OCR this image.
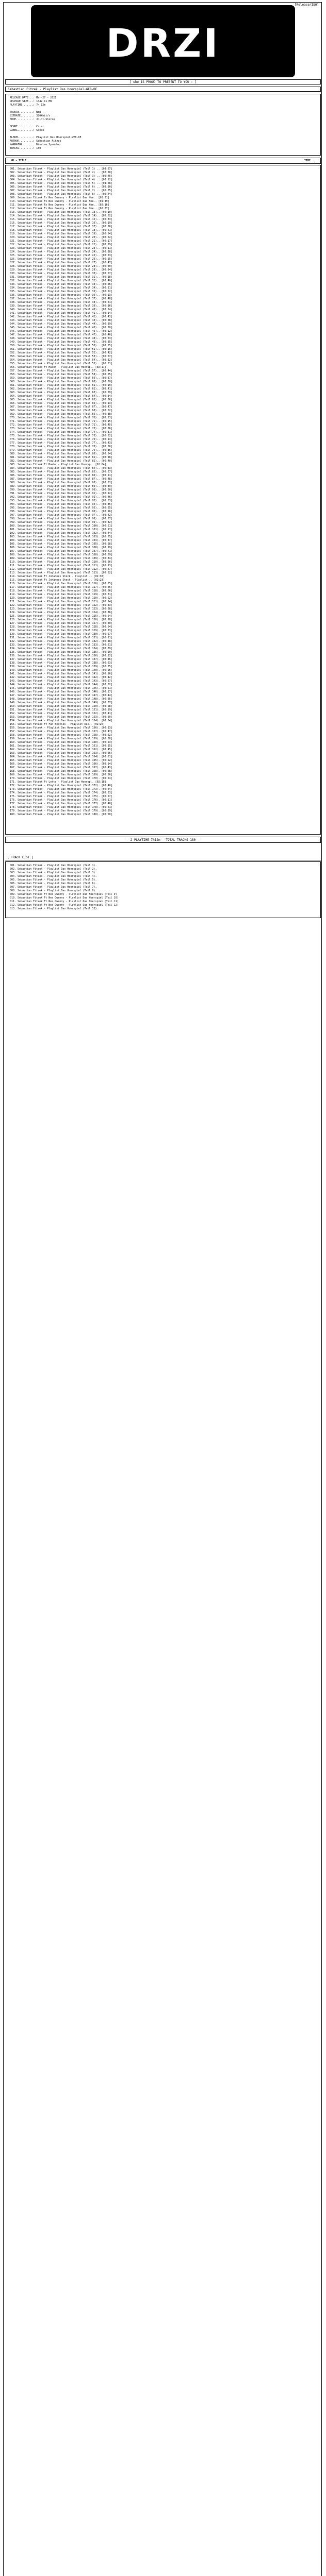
[Release/ISO]
DRZI
[ who IS PROUD TO PRESENT TO YOU : ]
Sebastian Fitzek - Playlist Das Hoerspiel-WEB-DE
RELEASE DATE...: Mar-27 - 2021
RELEASE SIZE...: 1042.11 MB
PLAYTIME.......: 7h 12m
SOURCE.........: WEB
BITRATE........: 320kbit/s
MODE...........: Joint-Stereo
GENRE..........: Crimi
LABEL..........: Speak
ALBUM..........: Playlist Das Hoerspiel-WEB-DE
AUTHOR.........: Sebastian Fitzek
NARRATOR.......: Diverse Sprecher
TRACKS.........: 180
NR - TITLE ...	TIME ..
001. Sebastian Fitzek - Playlist Das Hoerspiel (Teil 1) .. [03:07]
002. Sebastian Fitzek - Playlist Das Hoerspiel (Teil 2) .. [02:28]
003. Sebastian Fitzek - Playlist Das Hoerspiel (Teil 3) .. [02:45]
004. Sebastian Fitzek - Playlist Das Hoerspiel (Teil 4) .. [02:12]
005. Sebastian Fitzek - Playlist Das Hoerspiel (Teil 5) .. [01:58]
006. Sebastian Fitzek - Playlist Das Hoerspiel (Teil 6) .. [02:30]
007. Sebastian Fitzek - Playlist Das Hoerspiel (Teil 7) .. [02:05]
008. Sebastian Fitzek - Playlist Das Hoerspiel (Teil 8) .. [02:44]
009. Sebastian Fitzek Fx Nes Gwenny - Playlist Das Hoe.. [02:21]
010. Sebastian Fitzek Fx Nes Gwenny - Playlist Das Hoe.. [01:49]
011. Sebastian Fitzek Fx Nes Gwenny - Playlist Das Hoe.. [02:16]
012. Sebastian Fitzek Fx Nes Gwenny - Playlist Das Hoe.. [02:37]
013. Sebastian Fitzek - Playlist Das Hoerspiel (Teil 13).. [02:10]
014. Sebastian Fitzek - Playlist Das Hoerspiel (Teil 14).. [02:02]
015. Sebastian Fitzek - Playlist Das Hoerspiel (Teil 15).. [02:33]
016. Sebastian Fitzek - Playlist Das Hoerspiel (Teil 16).. [02:19]
017. Sebastian Fitzek - Playlist Das Hoerspiel (Teil 17).. [02:26]
018. Sebastian Fitzek - Playlist Das Hoerspiel (Teil 18).. [02:41]
019. Sebastian Fitzek - Playlist Das Hoerspiel (Teil 19).. [02:04]
020. Sebastian Fitzek - Playlist Das Hoerspiel (Teil 20).. [02:52]
021. Sebastian Fitzek - Playlist Das Hoerspiel (Teil 21).. [02:17]
022. Sebastian Fitzek - Playlist Das Hoerspiel (Teil 22).. [02:29]
023. Sebastian Fitzek - Playlist Das Hoerspiel (Teil 23).. [02:11]
024. Sebastian Fitzek - Playlist Das Hoerspiel (Teil 24).. [02:38]
025. Sebastian Fitzek - Playlist Das Hoerspiel (Teil 25).. [02:23]
026. Sebastian Fitzek - Playlist Das Hoerspiel (Teil 26).. [02:15]
027. Sebastian Fitzek - Playlist Das Hoerspiel (Teil 27).. [02:47]
028. Sebastian Fitzek - Playlist Das Hoerspiel (Teil 28).. [02:09]
029. Sebastian Fitzek - Playlist Das Hoerspiel (Teil 29).. [02:34]
030. Sebastian Fitzek - Playlist Das Hoerspiel (Teil 30).. [02:27]
031. Sebastian Fitzek - Playlist Das Hoerspiel (Teil 31).. [02:18]
032. Sebastian Fitzek - Playlist Das Hoerspiel (Teil 32).. [02:40]
033. Sebastian Fitzek - Playlist Das Hoerspiel (Teil 33).. [02:06]
034. Sebastian Fitzek - Playlist Das Hoerspiel (Teil 34).. [02:31]
035. Sebastian Fitzek - Playlist Das Hoerspiel (Teil 35).. [02:22]
036. Sebastian Fitzek - Playlist Das Hoerspiel (Teil 36).. [02:13]
037. Sebastian Fitzek - Playlist Das Hoerspiel (Teil 37).. [02:48]
038. Sebastian Fitzek - Playlist Das Hoerspiel (Teil 38).. [02:01]
039. Sebastian Fitzek - Playlist Das Hoerspiel (Teil 39).. [02:36]
040. Sebastian Fitzek - Playlist Das Hoerspiel (Teil 40).. [02:24]
041. Sebastian Fitzek - Playlist Das Hoerspiel (Teil 41).. [02:14]
042. Sebastian Fitzek - Playlist Das Hoerspiel (Teil 42).. [02:43]
043. Sebastian Fitzek - Playlist Das Hoerspiel (Teil 43).. [02:08]
044. Sebastian Fitzek - Playlist Das Hoerspiel (Teil 44).. [02:39]
045. Sebastian Fitzek - Playlist Das Hoerspiel (Teil 45).. [02:20]
046. Sebastian Fitzek - Playlist Das Hoerspiel (Teil 46).. [02:12]
047. Sebastian Fitzek - Playlist Das Hoerspiel (Teil 47).. [02:46]
048. Sebastian Fitzek - Playlist Das Hoerspiel (Teil 48).. [02:03]
049. Sebastian Fitzek - Playlist Das Hoerspiel (Teil 49).. [02:35]
050. Sebastian Fitzek - Playlist Das Hoerspiel (Teil 50).. [02:25]
051. Sebastian Fitzek - Playlist Das Hoerspiel (Teil 51).. [02:16]
052. Sebastian Fitzek - Playlist Das Hoerspiel (Teil 52).. [02:42]
053. Sebastian Fitzek - Playlist Das Hoerspiel (Teil 53).. [02:07]
054. Sebastian Fitzek - Playlist Das Hoerspiel (Teil 54).. [02:32]
055. Sebastian Fitzek - Playlist Das Hoerspiel (Teil 55).. [02:21]
056. Sebastian Fitzek Ft Malen - Playlist Das Hoersp.. [02:17]
057. Sebastian Fitzek - Playlist Das Hoerspiel (Teil 57).. [02:44]
058. Sebastian Fitzek - Playlist Das Hoerspiel (Teil 58).. [02:05]
059. Sebastian Fitzek - Playlist Das Hoerspiel (Teil 59).. [02:37]
060. Sebastian Fitzek - Playlist Das Hoerspiel (Teil 60).. [02:28]
061. Sebastian Fitzek - Playlist Das Hoerspiel (Teil 61).. [02:19]
062. Sebastian Fitzek - Playlist Das Hoerspiel (Teil 62).. [02:41]
063. Sebastian Fitzek - Playlist Das Hoerspiel (Teil 63).. [02:09]
064. Sebastian Fitzek - Playlist Das Hoerspiel (Teil 64).. [02:34]
065. Sebastian Fitzek - Playlist Das Hoerspiel (Teil 65).. [02:26]
066. Sebastian Fitzek - Playlist Das Hoerspiel (Teil 66).. [02:13]
067. Sebastian Fitzek - Playlist Das Hoerspiel (Teil 67).. [02:47]
068. Sebastian Fitzek - Playlist Das Hoerspiel (Teil 68).. [02:02]
069. Sebastian Fitzek - Playlist Das Hoerspiel (Teil 69).. [02:38]
070. Sebastian Fitzek - Playlist Das Hoerspiel (Teil 70).. [02:23]
071. Sebastian Fitzek - Playlist Das Hoerspiel (Teil 71).. [02:15]
072. Sebastian Fitzek - Playlist Das Hoerspiel (Teil 72).. [02:45]
073. Sebastian Fitzek - Playlist Das Hoerspiel (Teil 73).. [02:06]
074. Sebastian Fitzek - Playlist Das Hoerspiel (Teil 74).. [02:31]
075. Sebastian Fitzek - Playlist Das Hoerspiel (Teil 75).. [02:22]
076. Sebastian Fitzek - Playlist Das Hoerspiel (Teil 76).. [02:14]
077. Sebastian Fitzek - Playlist Das Hoerspiel (Teil 77).. [02:43]
078. Sebastian Fitzek - Playlist Das Hoerspiel (Teil 78).. [02:08]
079. Sebastian Fitzek - Playlist Das Hoerspiel (Teil 79).. [02:36]
080. Sebastian Fitzek - Playlist Das Hoerspiel (Teil 80).. [02:24]
081. Sebastian Fitzek - Playlist Das Hoerspiel (Teil 81).. [02:18]
082. Sebastian Fitzek - Playlist Das Hoerspiel (Teil 82).. [02:40]
083. Sebastian Fitzek Ft Mamba - Playlist Das Hoersp.. [02:04]
084. Sebastian Fitzek - Playlist Das Hoerspiel (Teil 84).. [02:33]
085. Sebastian Fitzek - Playlist Das Hoerspiel (Teil 85).. [02:27]
086. Sebastian Fitzek - Playlist Das Hoerspiel (Teil 86).. [02:11]
087. Sebastian Fitzek - Playlist Das Hoerspiel (Teil 87).. [02:48]
088. Sebastian Fitzek - Playlist Das Hoerspiel (Teil 88).. [02:01]
089. Sebastian Fitzek - Playlist Das Hoerspiel (Teil 89).. [02:39]
090. Sebastian Fitzek - Playlist Das Hoerspiel (Teil 90).. [02:20]
091. Sebastian Fitzek - Playlist Das Hoerspiel (Teil 91).. [02:12]
092. Sebastian Fitzek - Playlist Das Hoerspiel (Teil 92).. [02:46]
093. Sebastian Fitzek - Playlist Das Hoerspiel (Teil 93).. [02:03]
094. Sebastian Fitzek - Playlist Das Hoerspiel (Teil 94).. [02:35]
095. Sebastian Fitzek - Playlist Das Hoerspiel (Teil 95).. [02:25]
096. Sebastian Fitzek - Playlist Das Hoerspiel (Teil 96).. [02:16]
097. Sebastian Fitzek - Playlist Das Hoerspiel (Teil 97).. [02:42]
098. Sebastian Fitzek - Playlist Das Hoerspiel (Teil 98).. [02:07]
099. Sebastian Fitzek - Playlist Das Hoerspiel (Teil 99).. [02:32]
100. Sebastian Fitzek - Playlist Das Hoerspiel (Teil 100). [02:21]
101. Sebastian Fitzek - Playlist Das Hoerspiel (Teil 101). [02:17]
102. Sebastian Fitzek - Playlist Das Hoerspiel (Teil 102). [02:44]
103. Sebastian Fitzek - Playlist Das Hoerspiel (Teil 103). [02:05]
104. Sebastian Fitzek - Playlist Das Hoerspiel (Teil 104). [02:37]
105. Sebastian Fitzek - Playlist Das Hoerspiel (Teil 105). [02:28]
106. Sebastian Fitzek - Playlist Das Hoerspiel (Teil 106). [02:19]
107. Sebastian Fitzek - Playlist Das Hoerspiel (Teil 107). [02:41]
108. Sebastian Fitzek - Playlist Das Hoerspiel (Teil 108). [02:09]
109. Sebastian Fitzek - Playlist Das Hoerspiel (Teil 109). [02:34]
110. Sebastian Fitzek - Playlist Das Hoerspiel (Teil 110). [02:26]
111. Sebastian Fitzek - Playlist Das Hoerspiel (Teil 111). [02:13]
112. Sebastian Fitzek - Playlist Das Hoerspiel (Teil 112). [02:47]
113. Sebastian Fitzek - Playlist Das Hoerspiel (Teil 113). [02:02]
114. Sebastian Fitzek Ft Johannes Steck - Playlist .. [02:38]
115. Sebastian Fitzek Ft Johannes Steck - Playlist .. [02:23]
116. Sebastian Fitzek - Playlist Das Hoerspiel (Teil 116). [02:15]
117. Sebastian Fitzek - Playlist Das Hoerspiel (Teil 117). [02:45]
118. Sebastian Fitzek - Playlist Das Hoerspiel (Teil 118). [02:06]
119. Sebastian Fitzek - Playlist Das Hoerspiel (Teil 119). [02:31]
120. Sebastian Fitzek - Playlist Das Hoerspiel (Teil 120). [02:22]
121. Sebastian Fitzek - Playlist Das Hoerspiel (Teil 121). [02:14]
122. Sebastian Fitzek - Playlist Das Hoerspiel (Teil 122). [02:43]
123. Sebastian Fitzek - Playlist Das Hoerspiel (Teil 123). [02:08]
124. Sebastian Fitzek - Playlist Das Hoerspiel (Teil 124). [02:36]
125. Sebastian Fitzek - Playlist Das Hoerspiel (Teil 125). [02:24]
126. Sebastian Fitzek - Playlist Das Hoerspiel (Teil 126). [02:18]
127. Sebastian Fitzek - Playlist Das Hoerspiel (Teil 127). [02:40]
128. Sebastian Fitzek - Playlist Das Hoerspiel (Teil 128). [02:04]
129. Sebastian Fitzek - Playlist Das Hoerspiel (Teil 129). [02:33]
130. Sebastian Fitzek - Playlist Das Hoerspiel (Teil 130). [02:27]
131. Sebastian Fitzek - Playlist Das Hoerspiel (Teil 131). [02:11]
132. Sebastian Fitzek - Playlist Das Hoerspiel (Teil 132). [02:48]
133. Sebastian Fitzek - Playlist Das Hoerspiel (Teil 133). [02:01]
134. Sebastian Fitzek - Playlist Das Hoerspiel (Teil 134). [02:39]
135. Sebastian Fitzek - Playlist Das Hoerspiel (Teil 135). [02:20]
136. Sebastian Fitzek - Playlist Das Hoerspiel (Teil 136). [02:12]
137. Sebastian Fitzek - Playlist Das Hoerspiel (Teil 137). [02:46]
138. Sebastian Fitzek - Playlist Das Hoerspiel (Teil 138). [02:03]
139. Sebastian Fitzek - Playlist Das Hoerspiel (Teil 139). [02:35]
140. Sebastian Fitzek - Playlist Das Hoerspiel (Teil 140). [02:25]
141. Sebastian Fitzek - Playlist Das Hoerspiel (Teil 141). [02:16]
142. Sebastian Fitzek - Playlist Das Hoerspiel (Teil 142). [02:42]
143. Sebastian Fitzek - Playlist Das Hoerspiel (Teil 143). [02:07]
144. Sebastian Fitzek - Playlist Das Hoerspiel (Teil 144). [02:32]
145. Sebastian Fitzek - Playlist Das Hoerspiel (Teil 145). [02:21]
146. Sebastian Fitzek - Playlist Das Hoerspiel (Teil 146). [02:17]
147. Sebastian Fitzek - Playlist Das Hoerspiel (Teil 147). [02:44]
148. Sebastian Fitzek - Playlist Das Hoerspiel (Teil 148). [02:05]
149. Sebastian Fitzek - Playlist Das Hoerspiel (Teil 149). [02:37]
150. Sebastian Fitzek - Playlist Das Hoerspiel (Teil 150). [02:28]
151. Sebastian Fitzek - Playlist Das Hoerspiel (Teil 151). [02:19]
152. Sebastian Fitzek - Playlist Das Hoerspiel (Teil 152). [02:41]
153. Sebastian Fitzek - Playlist Das Hoerspiel (Teil 153). [02:09]
154. Sebastian Fitzek - Playlist Das Hoerspiel (Teil 154). [02:34]
155. Sebastian Fitzek Ft Fan Beatles - Playlist Das.. [02:26]
156. Sebastian Fitzek - Playlist Das Hoerspiel (Teil 156). [02:13]
157. Sebastian Fitzek - Playlist Das Hoerspiel (Teil 157). [02:47]
158. Sebastian Fitzek - Playlist Das Hoerspiel (Teil 158). [02:02]
159. Sebastian Fitzek - Playlist Das Hoerspiel (Teil 159). [02:38]
160. Sebastian Fitzek - Playlist Das Hoerspiel (Teil 160). [02:23]
161. Sebastian Fitzek - Playlist Das Hoerspiel (Teil 161). [02:15]
162. Sebastian Fitzek - Playlist Das Hoerspiel (Teil 162). [02:45]
163. Sebastian Fitzek - Playlist Das Hoerspiel (Teil 163). [02:06]
164. Sebastian Fitzek - Playlist Das Hoerspiel (Teil 164). [02:31]
165. Sebastian Fitzek - Playlist Das Hoerspiel (Teil 165). [02:22]
166. Sebastian Fitzek - Playlist Das Hoerspiel (Teil 166). [02:14]
167. Sebastian Fitzek - Playlist Das Hoerspiel (Teil 167). [02:43]
168. Sebastian Fitzek - Playlist Das Hoerspiel (Teil 168). [02:08]
169. Sebastian Fitzek - Playlist Das Hoerspiel (Teil 169). [02:36]
170. Sebastian Fitzek - Playlist Das Hoerspiel (Teil 170). [02:24]
171. Sebastian Fitzek Ft Lotte - Playlist Das Hoersp.. [02:18]
172. Sebastian Fitzek - Playlist Das Hoerspiel (Teil 172). [02:40]
173. Sebastian Fitzek - Playlist Das Hoerspiel (Teil 173). [02:04]
174. Sebastian Fitzek - Playlist Das Hoerspiel (Teil 174). [02:33]
175. Sebastian Fitzek - Playlist Das Hoerspiel (Teil 175). [02:27]
176. Sebastian Fitzek - Playlist Das Hoerspiel (Teil 176). [02:11]
177. Sebastian Fitzek - Playlist Das Hoerspiel (Teil 177). [02:48]
178. Sebastian Fitzek - Playlist Das Hoerspiel (Teil 178). [02:01]
179. Sebastian Fitzek - Playlist Das Hoerspiel (Teil 179). [02:39]
180. Sebastian Fitzek - Playlist Das Hoerspiel (Teil 180). [02:20]
- 2 PLAYTIME 7h12m - TOTAL TRACKS 180 -
[ TRACK LIST ]
001. Sebastian Fitzek - Playlist Das Hoerspiel (Teil 1).
002. Sebastian Fitzek - Playlist Das Hoerspiel (Teil 2).
003. Sebastian Fitzek - Playlist Das Hoerspiel (Teil 3).
004. Sebastian Fitzek - Playlist Das Hoerspiel (Teil 4).
005. Sebastian Fitzek - Playlist Das Hoerspiel (Teil 5).
006. Sebastian Fitzek - Playlist Das Hoerspiel (Teil 6).
007. Sebastian Fitzek - Playlist Das Hoerspiel (Teil 7).
008. Sebastian Fitzek - Playlist Das Hoerspiel (Teil 8).
009. Sebastian Fitzek Ft Nes Gwenny - Playlist Das Hoerspiel (Teil 9)
010. Sebastian Fitzek Ft Nes Gwenny - Playlist Das Hoerspiel (Teil 10)
011. Sebastian Fitzek Ft Nes Gwenny - Playlist Das Hoerspiel (Teil 11)
012. Sebastian Fitzek Ft Nes Gwenny - Playlist Das Hoerspiel (Teil 12)
013. Sebastian Fitzek - Playlist Das Hoerspiel (Teil 13).
